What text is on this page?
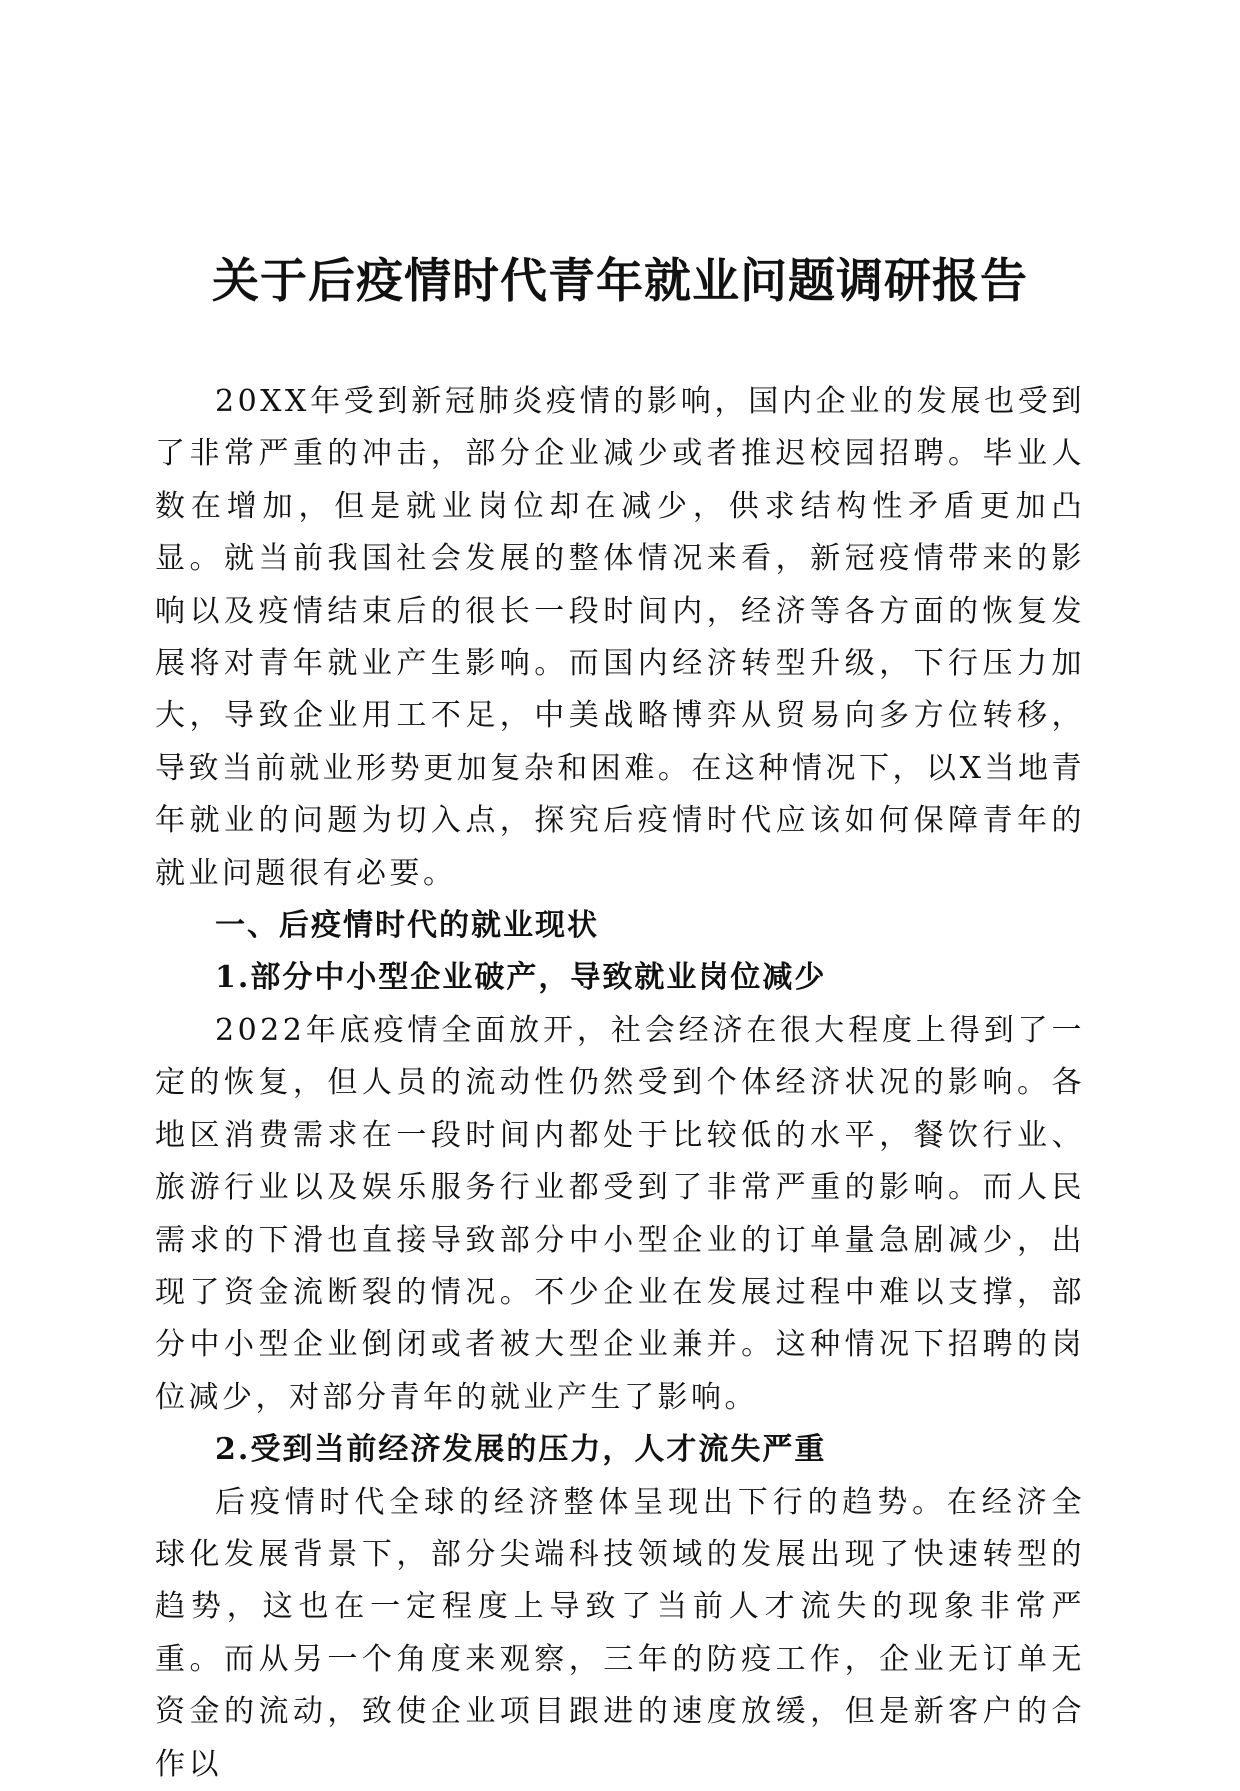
关于后疫情时代青年就业问题调研报告

20XX年受到新冠肺炎疫情的影响，国内企业的发展也受到了非常严重的冲击，部分企业减少或者推迟校园招聘。毕业人数在增加，但是就业岗位却在减少，供求结构性矛盾更加凸显。就当前我国社会发展的整体情况来看，新冠疫情带来的影响以及疫情结束后的很长一段时间内，经济等各方面的恢复发展将对青年就业产生影响。而国内经济转型升级，下行压力加大，导致企业用工不足，中美战略博弈从贸易向多方位转移，导致当前就业形势更加复杂和困难。在这种情况下，以X当地青年就业的问题为切入点，探究后疫情时代应该如何保障青年的就业问题很有必要。

一、后疫情时代的就业现状
1.部分中小型企业破产，导致就业岗位减少

2022年底疫情全面放开，社会经济在很大程度上得到了一定的恢复，但人员的流动性仍然受到个体经济状况的影响。各地区消费需求在一段时间内都处于比较低的水平，餐饮行业、旅游行业以及娱乐服务行业都受到了非常严重的影响。而人民需求的下滑也直接导致部分中小型企业的订单量急剧减少，出现了资金流断裂的情况。不少企业在发展过程中难以支撑，部分中小型企业倒闭或者被大型企业兼并。这种情况下招聘的岗位减少，对部分青年的就业产生了影响。

2.受到当前经济发展的压力，人才流失严重

后疫情时代全球的经济整体呈现出下行的趋势。在经济全球化发展背景下，部分尖端科技领域的发展出现了快速转型的趋势，这也在一定程度上导致了当前人才流失的现象非常严重。而从另一个角度来观察，三年的防疫工作，企业无订单无资金的流动，致使企业项目跟进的速度放缓，但是新客户的合作以
